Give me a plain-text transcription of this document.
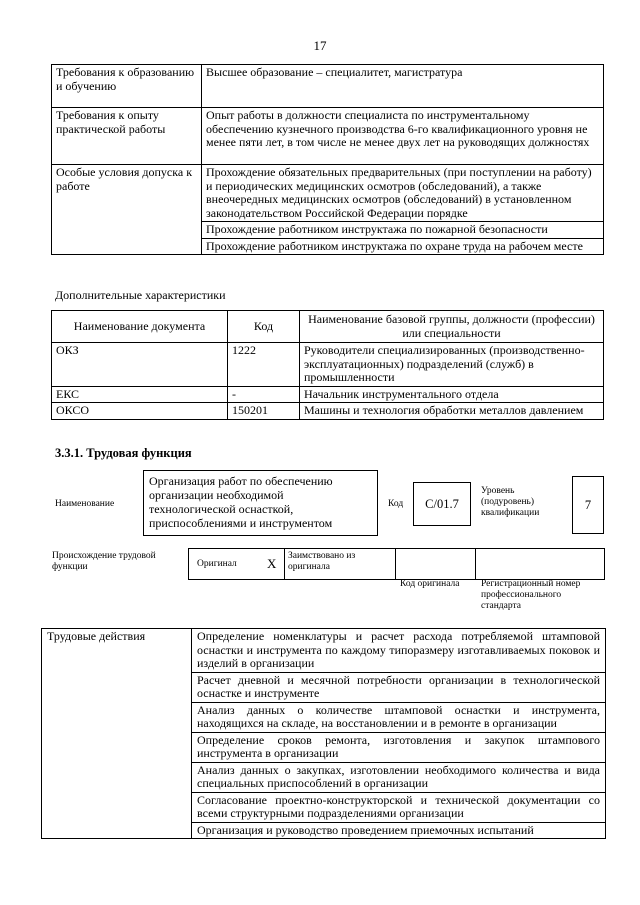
17
Требования к образованию и обучению	Высшее образование – специалитет, магистратура
Требования к опыту практической работы	Опыт работы в должности специалиста по инструментальному обеспечению кузнечного производства 6-го квалификационного уровня не менее пяти лет, в том числе не менее двух лет на руководящих должностях
Особые условия допуска к работе	Прохождение обязательных предварительных (при поступлении на работу) и периодических медицинских осмотров (обследований), а также внеочередных медицинских осмотров (обследований) в установленном законодательством Российской Федерации порядке
	Прохождение работником инструктажа по пожарной безопасности
	Прохождение работником инструктажа по охране труда на рабочем месте
Дополнительные характеристики
Наименование документа	Код	Наименование базовой группы, должности (профессии) или специальности
ОКЗ	1222	Руководители специализированных (производственно-эксплуатационных) подразделений (служб) в промышленности
ЕКС	-	Начальник инструментального отдела
ОКСО	150201	Машины и технология обработки металлов давлением
3.3.1. Трудовая функция
Наименование
Организация работ по обеспечению организации необходимой технологической оснасткой, приспособлениями и инструментом
Код	C/01.7
Уровень (подуровень) квалификации
7
Происхождение трудовой функции	Оригинал X Заимствовано из оригинала
Код оригинала Регистрационный номер профессионального стандарта
Трудовые действия	Определение номенклатуры и расчет расхода потребляемой штамповой оснастки и инструмента по каждому типоразмеру изготавливаемых поковок и изделий в организации
Расчет дневной и месячной потребности организации в технологической оснастке и инструменте
Анализ данных о количестве штамповой оснастки и инструмента, находящихся на складе, на восстановлении и в ремонте в организации
Определение сроков ремонта, изготовления и закупок штампового инструмента в организации
Анализ данных о закупках, изготовлении необходимого количества и вида специальных приспособлений в организации
Согласование проектно-конструкторской и технической документации со всеми структурными подразделениями организации
Организация и руководство проведением приемочных испытаний
